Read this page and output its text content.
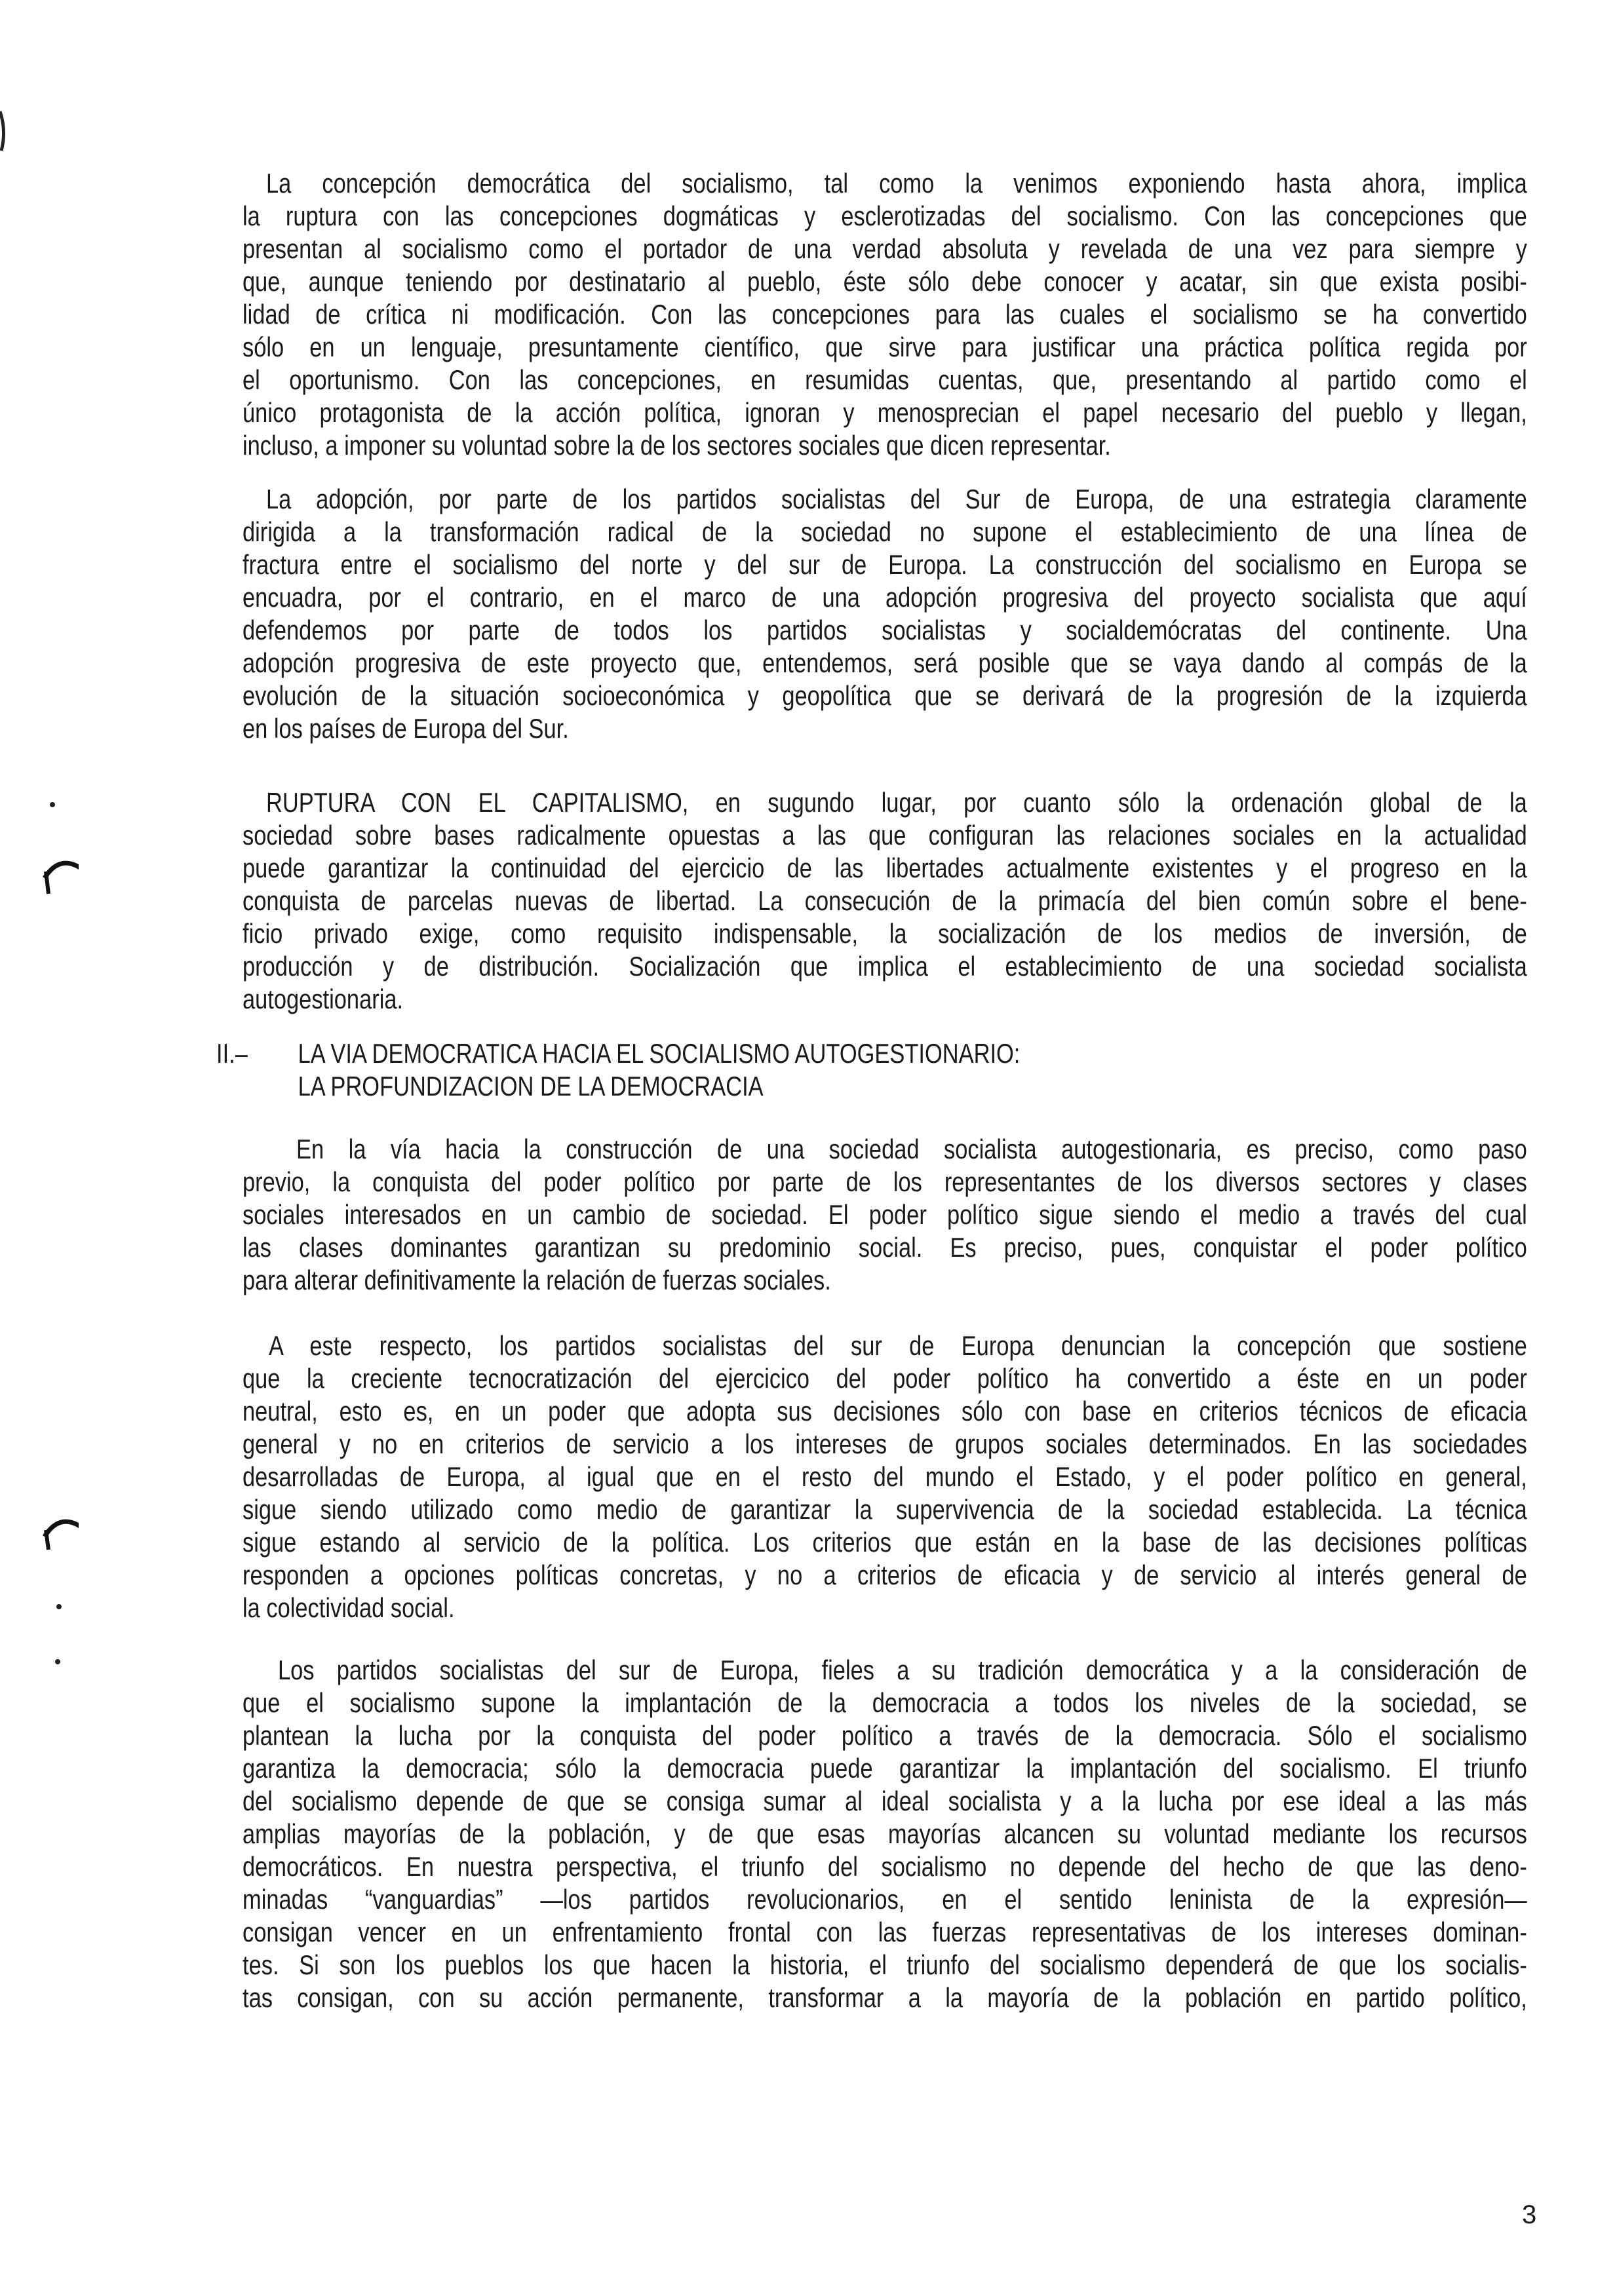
La concepción democrática del socialismo, tal como la venimos exponiendo hasta ahora, implica
la ruptura con las concepciones dogmáticas y esclerotizadas del socialismo. Con las concepciones que
presentan al socialismo como el portador de una verdad absoluta y revelada de una vez para siempre y
que, aunque teniendo por destinatario al pueblo, éste sólo debe conocer y acatar, sin que exista posibi-
lidad de crítica ni modificación. Con las concepciones para las cuales el socialismo se ha convertido
sólo en un lenguaje, presuntamente científico, que sirve para justificar una práctica política regida por
el oportunismo. Con las concepciones, en resumidas cuentas, que, presentando al partido como el
único protagonista de la acción política, ignoran y menosprecian el papel necesario del pueblo y llegan,
incluso, a imponer su voluntad sobre la de los sectores sociales que dicen representar.
La adopción, por parte de los partidos socialistas del Sur de Europa, de una estrategia claramente
dirigida a la transformación radical de la sociedad no supone el establecimiento de una línea de
fractura entre el socialismo del norte y del sur de Europa. La construcción del socialismo en Europa se
encuadra, por el contrario, en el marco de una adopción progresiva del proyecto socialista que aquí
defendemos por parte de todos los partidos socialistas y socialdemócratas del continente. Una
adopción progresiva de este proyecto que, entendemos, será posible que se vaya dando al compás de la
evolución de la situación socioeconómica y geopolítica que se derivará de la progresión de la izquierda
en los países de Europa del Sur.
RUPTURA CON EL CAPITALISMO, en sugundo lugar, por cuanto sólo la ordenación global de la
sociedad sobre bases radicalmente opuestas a las que configuran las relaciones sociales en la actualidad
puede garantizar la continuidad del ejercicio de las libertades actualmente existentes y el progreso en la
conquista de parcelas nuevas de libertad. La consecución de la primacía del bien común sobre el bene-
ficio privado exige, como requisito indispensable, la socialización de los medios de inversión, de
producción y de distribución. Socialización que implica el establecimiento de una sociedad socialista
autogestionaria.
En la vía hacia la construcción de una sociedad socialista autogestionaria, es preciso, como paso
previo, la conquista del poder político por parte de los representantes de los diversos sectores y clases
sociales interesados en un cambio de sociedad. El poder político sigue siendo el medio a través del cual
las clases dominantes garantizan su predominio social. Es preciso, pues, conquistar el poder político
para alterar definitivamente la relación de fuerzas sociales.
A este respecto, los partidos socialistas del sur de Europa denuncian la concepción que sostiene
que la creciente tecnocratización del ejercicico del poder político ha convertido a éste en un poder
neutral, esto es, en un poder que adopta sus decisiones sólo con base en criterios técnicos de eficacia
general y no en criterios de servicio a los intereses de grupos sociales determinados. En las sociedades
desarrolladas de Europa, al igual que en el resto del mundo el Estado, y el poder político en general,
sigue siendo utilizado como medio de garantizar la supervivencia de la sociedad establecida. La técnica
sigue estando al servicio de la política. Los criterios que están en la base de las decisiones políticas
responden a opciones políticas concretas, y no a criterios de eficacia y de servicio al interés general de
la colectividad social.
Los partidos socialistas del sur de Europa, fieles a su tradición democrática y a la consideración de
que el socialismo supone la implantación de la democracia a todos los niveles de la sociedad, se
plantean la lucha por la conquista del poder político a través de la democracia. Sólo el socialismo
garantiza la democracia; sólo la democracia puede garantizar la implantación del socialismo. El triunfo
del socialismo depende de que se consiga sumar al ideal socialista y a la lucha por ese ideal a las más
amplias mayorías de la población, y de que esas mayorías alcancen su voluntad mediante los recursos
democráticos. En nuestra perspectiva, el triunfo del socialismo no depende del hecho de que las deno-
minadas “vanguardias” —los partidos revolucionarios, en el sentido leninista de la expresión—
consigan vencer en un enfrentamiento frontal con las fuerzas representativas de los intereses dominan-
tes. Si son los pueblos los que hacen la historia, el triunfo del socialismo dependerá de que los socialis-
tas consigan, con su acción permanente, transformar a la mayoría de la población en partido político,
II.– LA VIA DEMOCRATICA HACIA EL SOCIALISMO AUTOGESTIONARIO:
LA PROFUNDIZACION DE LA DEMOCRACIA
3
